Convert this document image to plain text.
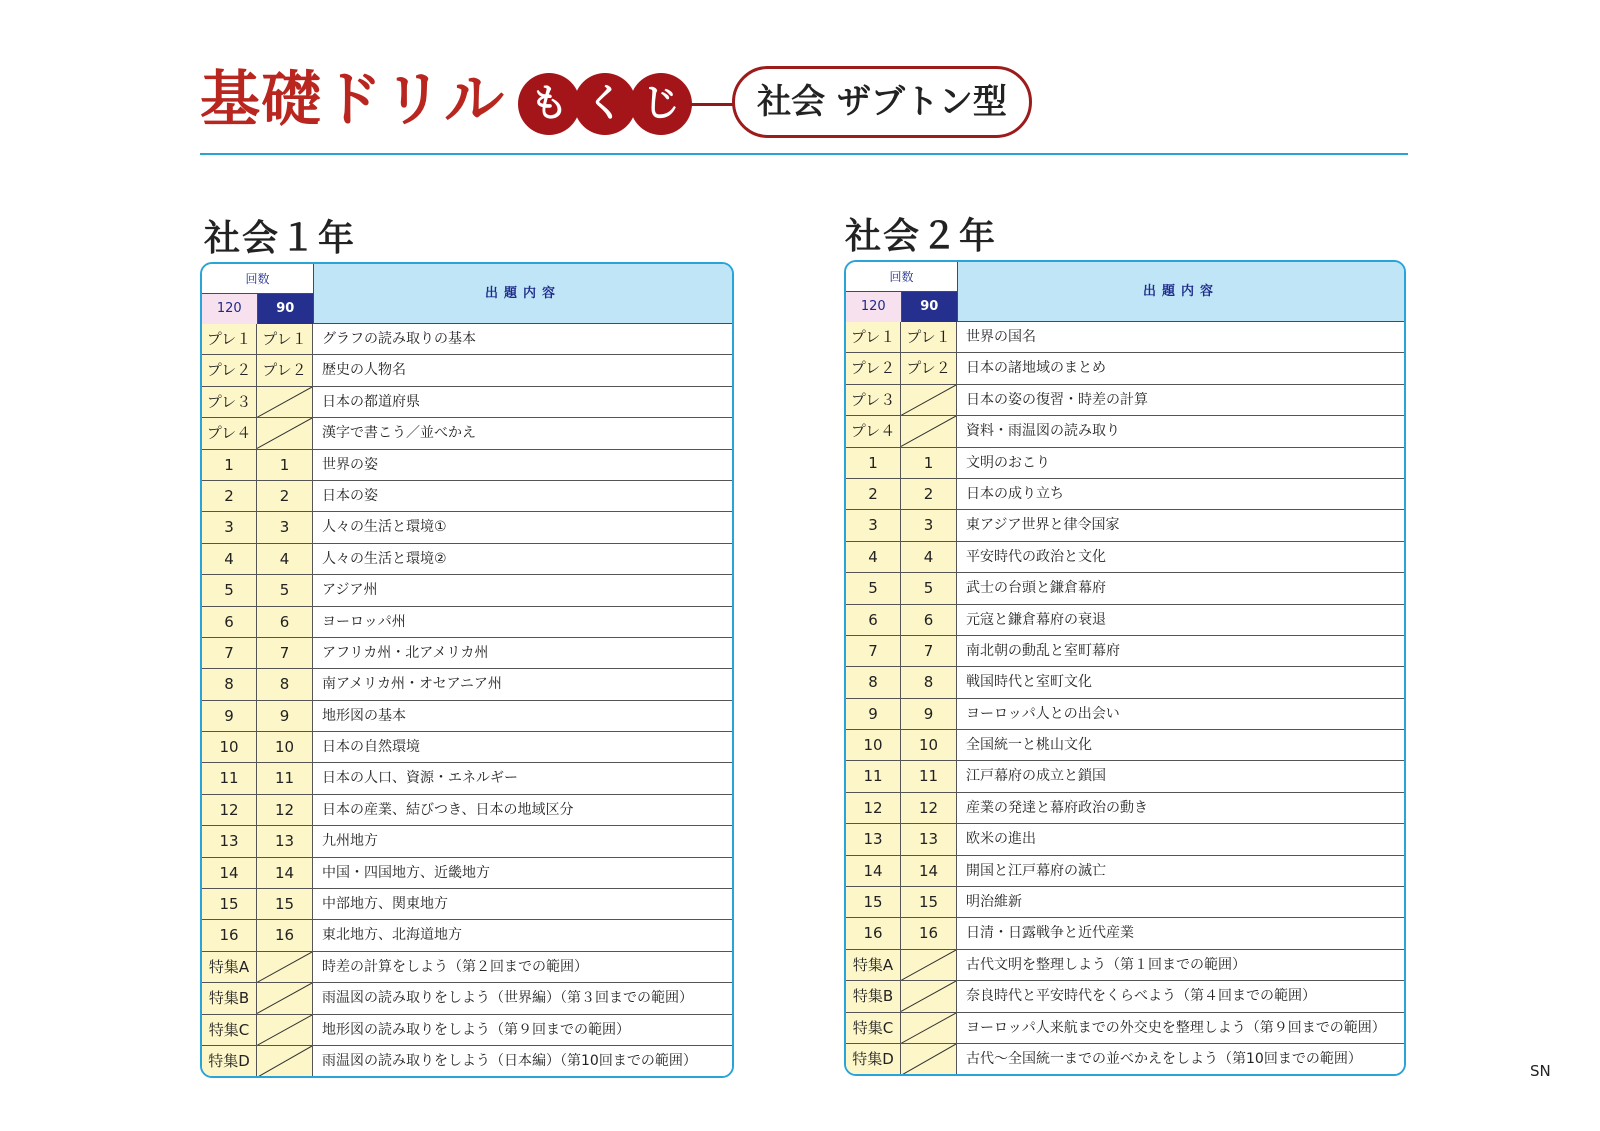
基礎ドリル も く じ	社会 ザブトン型
社会１年	社会２年
回数
120	90
出題内容
プレ１ プレ１	グラフの読み取りの基本
プレ２ プレ２	歴史の人物名
プレ３	日本の都道府県
プレ４	漢字で書こう／並べかえ
1	1	世界の姿
2	2	日本の姿
3	3	人々の生活と環境①
4	4	人々の生活と環境②
5	5	アジア州
6	6	ヨーロッパ州
7	7	アフリカ州・北アメリカ州
8	8	南アメリカ州・オセアニア州
9	9	地形図の基本
10	10	日本の自然環境
11	11	日本の人口、資源・エネルギー
12	12	日本の産業、結びつき、日本の地域区分
13	13	九州地方
14	14	中国・四国地方、近畿地方
15	15	中部地方、関東地方
16	16	東北地方、北海道地方
特集A	時差の計算をしよう（第２回までの範囲）
特集B	雨温図の読み取りをしよう（世界編）（第３回までの範囲）
特集C	地形図の読み取りをしよう（第９回までの範囲）
特集D	雨温図の読み取りをしよう（日本編）（第10回までの範囲）
回数
120	90
出題内容
プレ１ プレ１	世界の国名
プレ２ プレ２	日本の諸地域のまとめ
プレ３	日本の姿の復習・時差の計算
プレ４	資料・雨温図の読み取り
1	1	文明のおこり
2	2	日本の成り立ち
3	3	東アジア世界と律令国家
4	4	平安時代の政治と文化
5	5	武士の台頭と鎌倉幕府
6	6	元寇と鎌倉幕府の衰退
7	7	南北朝の動乱と室町幕府
8	8	戦国時代と室町文化
9	9	ヨーロッパ人との出会い
10	10	全国統一と桃山文化
11	11	江戸幕府の成立と鎖国
12	12	産業の発達と幕府政治の動き
13	13	欧米の進出
14	14	開国と江戸幕府の滅亡
15	15	明治維新
16	16	日清・日露戦争と近代産業
特集A	古代文明を整理しよう（第１回までの範囲）
特集B	奈良時代と平安時代をくらべよう（第４回までの範囲）
特集C	ヨーロッパ人来航までの外交史を整理しよう（第９回までの範囲）
特集D	古代～全国統一までの並べかえをしよう（第10回までの範囲）
SN
